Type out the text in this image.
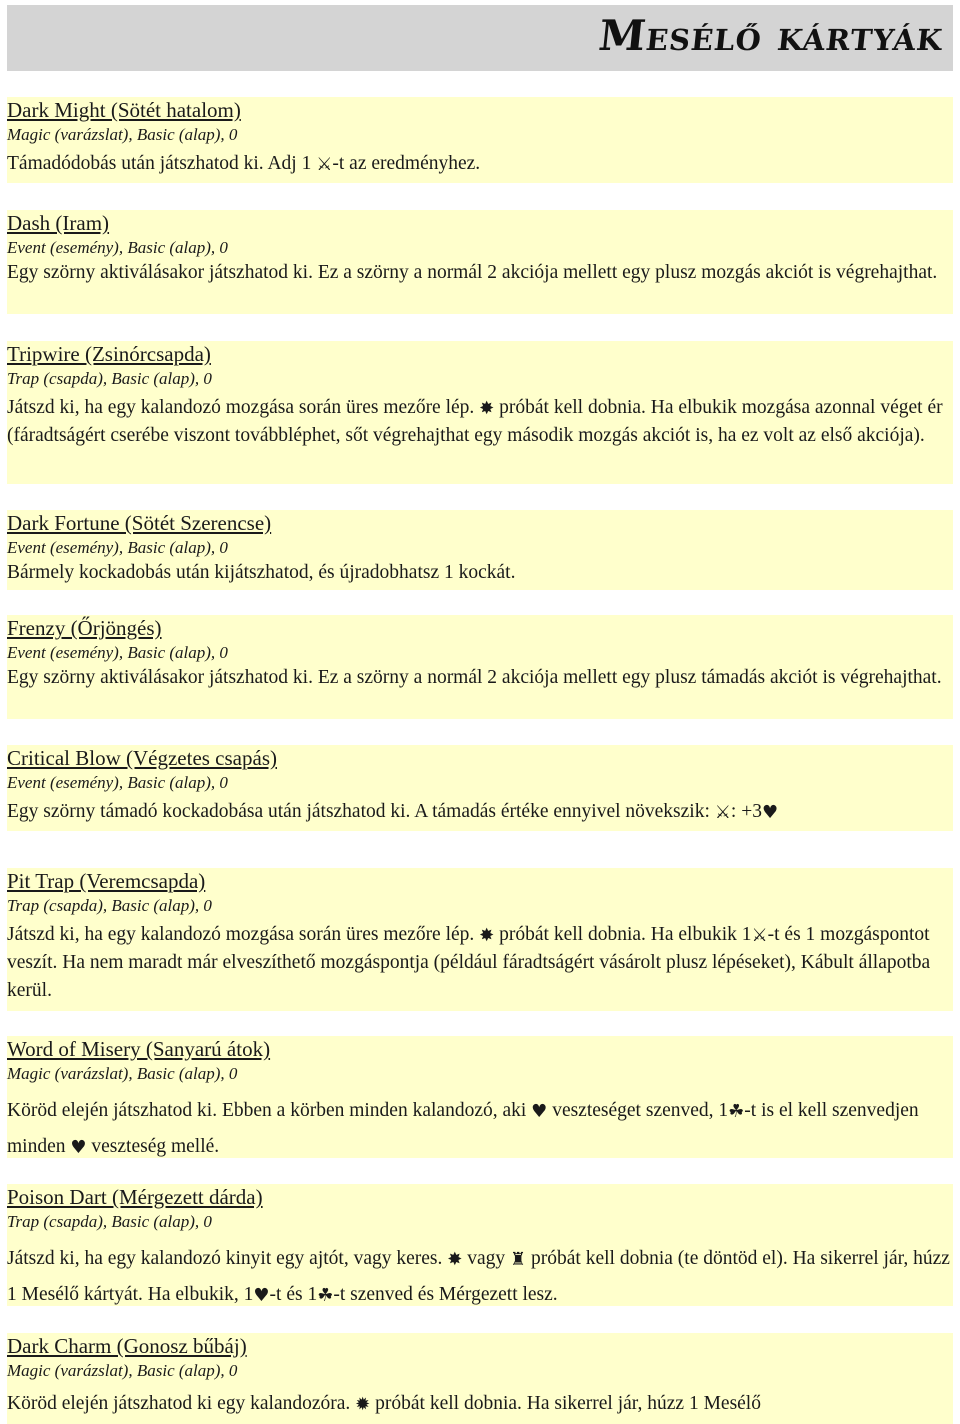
Mesélő kártyák
Dark Might (Sötét hatalom)
Magic (varázslat), Basic (alap), 0
Támadódobás után játszhatod ki. Adj 1 ⚔-t az eredményhez.
Dash (Iram)
Event (esemény), Basic (alap), 0
Egy szörny aktiválásakor játszhatod ki. Ez a szörny a normál 2 akciója mellett egy plusz mozgás akciót is végrehajthat.
Tripwire (Zsinórcsapda)
Trap (csapda), Basic (alap), 0
Játszd ki, ha egy kalandozó mozgása során üres mezőre lép. ✸ próbát kell dobnia. Ha elbukik mozgása azonnal véget ér (fáradtságért cserébe viszont továbbléphet, sőt végrehajthat egy második mozgás akciót is, ha ez volt az első akciója).
Dark Fortune (Sötét Szerencse)
Event (esemény), Basic (alap), 0
Bármely kockadobás után kijátszhatod, és újradobhatsz 1 kockát.
Frenzy (Őrjöngés)
Event (esemény), Basic (alap), 0
Egy szörny aktiválásakor játszhatod ki. Ez a szörny a normál 2 akciója mellett egy plusz támadás akciót is végrehajthat.
Critical Blow (Végzetes csapás)
Event (esemény), Basic (alap), 0
Egy szörny támadó kockadobása után játszhatod ki. A támadás értéke ennyivel növekszik: ⚔: +3♥
Pit Trap (Veremcsapda)
Trap (csapda), Basic (alap), 0
Játszd ki, ha egy kalandozó mozgása során üres mezőre lép. ✸ próbát kell dobnia. Ha elbukik 1⚔-t és 1 mozgáspontot veszít. Ha nem maradt már elveszíthető mozgáspontja (például fáradtságért vásárolt plusz lépéseket), Kábult állapotba kerül.
Word of Misery (Sanyarú átok)
Magic (varázslat), Basic (alap), 0
Köröd elején játszhatod ki. Ebben a körben minden kalandozó, aki ♥ veszteséget szenved, 1☘-t is el kell szenvedjen minden ♥ veszteség mellé.
Poison Dart (Mérgezett dárda)
Trap (csapda), Basic (alap), 0
Játszd ki, ha egy kalandozó kinyit egy ajtót, vagy keres. ✸ vagy ♜ próbát kell dobnia (te döntöd el). Ha sikerrel jár, húzz 1 Mesélő kártyát. Ha elbukik, 1♥-t és 1☘-t szenved és Mérgezett lesz.
Dark Charm (Gonosz bűbáj)
Magic (varázslat), Basic (alap), 0
Köröd elején játszhatod ki egy kalandozóra. ✹ próbát kell dobnia. Ha sikerrel jár, húzz 1 Mesélő
